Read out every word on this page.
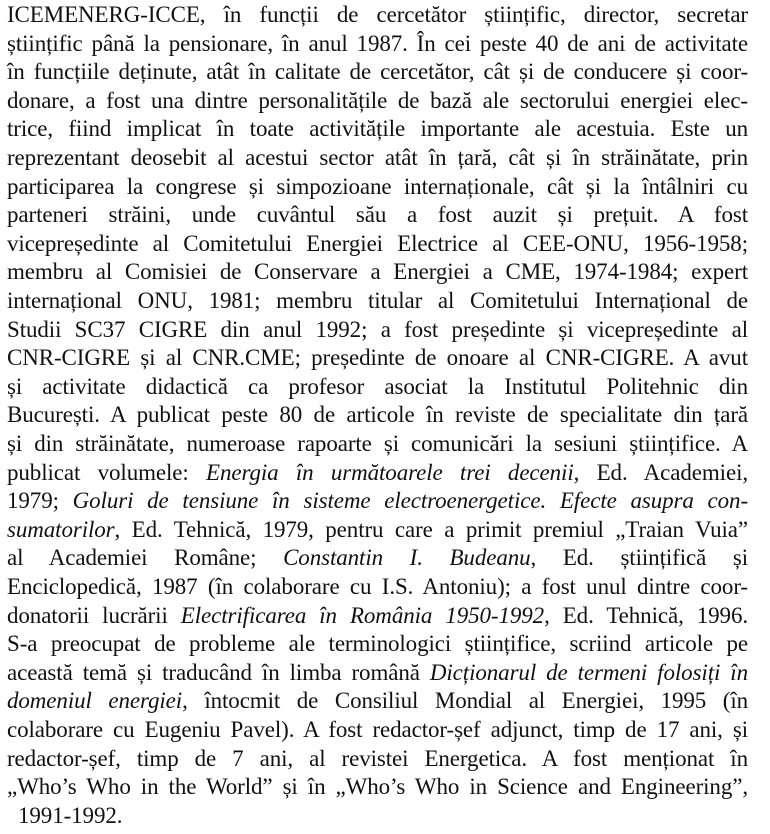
ICEMENERG-ICCE, în funcții de cercetător științific, director, secretar
științific până la pensionare, în anul 1987. În cei peste 40 de ani de activitate
în funcțiile deținute, atât în calitate de cercetător, cât și de conducere și coor-
donare, a fost una dintre personalitățile de bază ale sectorului energiei elec-
trice, fiind implicat în toate activitățile importante ale acestuia. Este un
reprezentant deosebit al acestui sector atât în țară, cât și în străinătate, prin
participarea la congrese și simpozioane internaționale, cât și la întâlniri cu
parteneri străini, unde cuvântul său a fost auzit și prețuit. A fost
vicepreședinte al Comitetului Energiei Electrice al CEE-ONU, 1956-1958;
membru al Comisiei de Conservare a Energiei a CME, 1974-1984; expert
internațional ONU, 1981; membru titular al Comitetului Internațional de
Studii SC37 CIGRE din anul 1992; a fost președinte și vicepreședinte al
CNR-CIGRE și al CNR.CME; președinte de onoare al CNR-CIGRE. A avut
și activitate didactică ca profesor asociat la Institutul Politehnic din
București. A publicat peste 80 de articole în reviste de specialitate din țară
și din străinătate, numeroase rapoarte și comunicări la sesiuni științifice. A
publicat volumele: Energia în următoarele trei decenii, Ed. Academiei,
1979; Goluri de tensiune în sisteme electroenergetice. Efecte asupra con-
sumatorilor, Ed. Tehnică, 1979, pentru care a primit premiul „Traian Vuia”
al Academiei Române; Constantin I. Budeanu, Ed. științifică și
Enciclopedică, 1987 (în colaborare cu I.S. Antoniu); a fost unul dintre coor-
donatorii lucrării Electrificarea în România 1950-1992, Ed. Tehnică, 1996.
S-a preocupat de probleme ale terminologici științifice, scriind articole pe
această temă și traducând în limba română Dicționarul de termeni folosiți în
domeniul energiei, întocmit de Consiliul Mondial al Energiei, 1995 (în
colaborare cu Eugeniu Pavel). A fost redactor-șef adjunct, timp de 17 ani, și
redactor-șef, timp de 7 ani, al revistei Energetica. A fost menționat în
„Who’s Who in the World” și în „Who’s Who in Science and Engineering”,
1991-1992.
